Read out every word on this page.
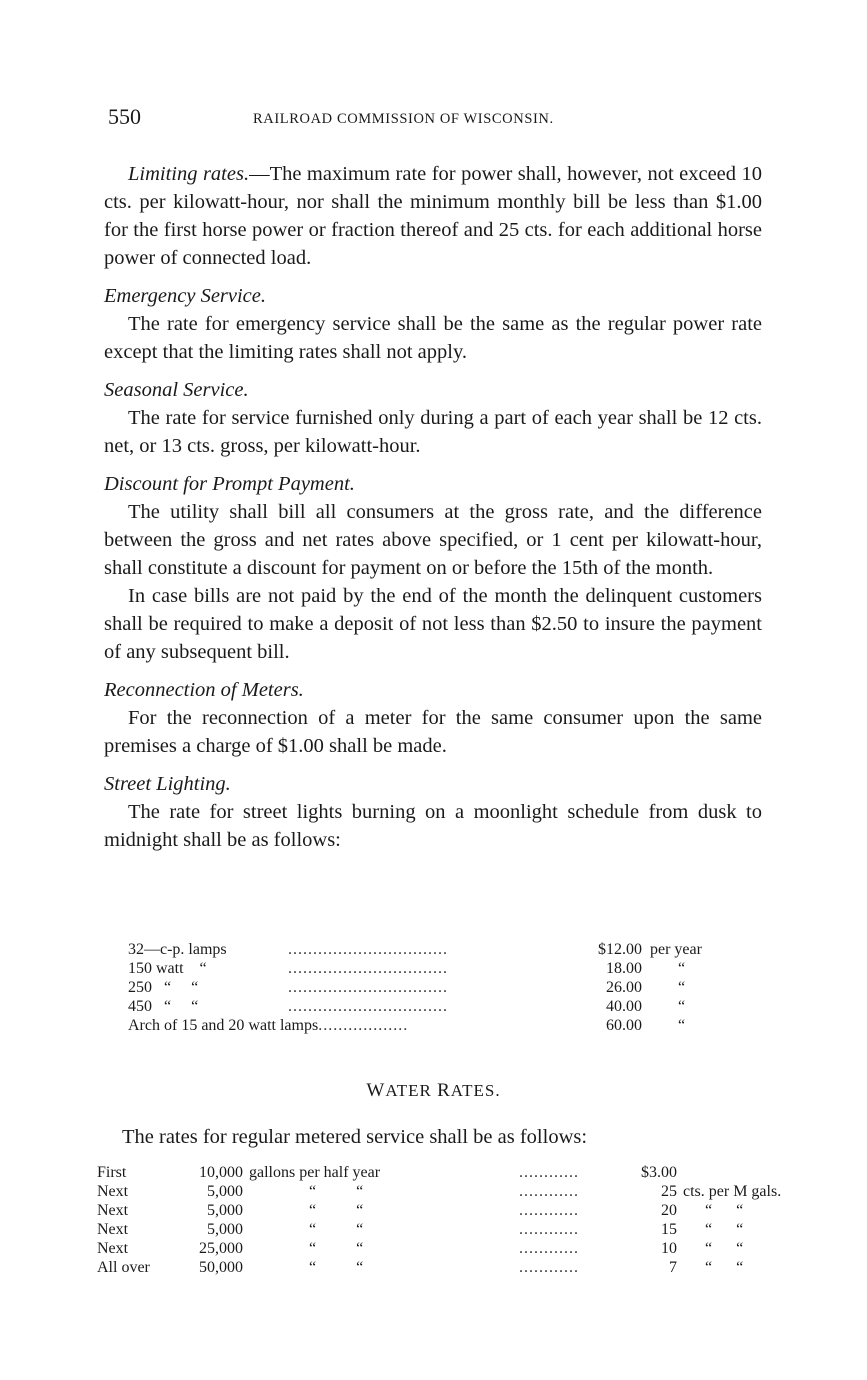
550	RAILROAD COMMISSION OF WISCONSIN.

Limiting rates.—The maximum rate for power shall, however, not exceed 10 cts. per kilowatt-hour, nor shall the minimum monthly bill be less than $1.00 for the first horse power or fraction thereof and 25 cts. for each additional horse power of connected load.

Emergency Service.

The rate for emergency service shall be the same as the regular power rate except that the limiting rates shall not apply.

Seasonal Service.

The rate for service furnished only during a part of each year shall be 12 cts. net, or 13 cts. gross, per kilowatt-hour.

Discount for Prompt Payment.

The utility shall bill all consumers at the gross rate, and the difference between the gross and net rates above specified, or 1 cent per kilowatt-hour, shall constitute a discount for payment on or before the 15th of the month.

In case bills are not paid by the end of the month the delinquent customers shall be required to make a deposit of not less than $2.50 to insure the payment of any subsequent bill.

Reconnection of Meters.

For the reconnection of a meter for the same consumer upon the same premises a charge of $1.00 shall be made.

Street Lighting.

The rate for street lights burning on a moonlight schedule from dusk to midnight shall be as follows:

32—c-p. lamps	................................	$12.00	per year
150 watt    “	................................	18.00	“
250   “     “	................................	26.00	“
450   “     “	................................	40.00	“
Arch of 15 and 20 watt lamps..................		60.00	“
WATER RATES.

The rates for regular metered service shall be as follows:

First	10,000	gallons per half year	............	$3.00	
Next	5,000	“          “	............	25	cts. per M gals.
Next	5,000	“          “	............	20	“      “
Next	5,000	“          “	............	15	“      “
Next	25,000	“          “	............	10	“      “
All over	50,000	“          “	............	7	“      “
